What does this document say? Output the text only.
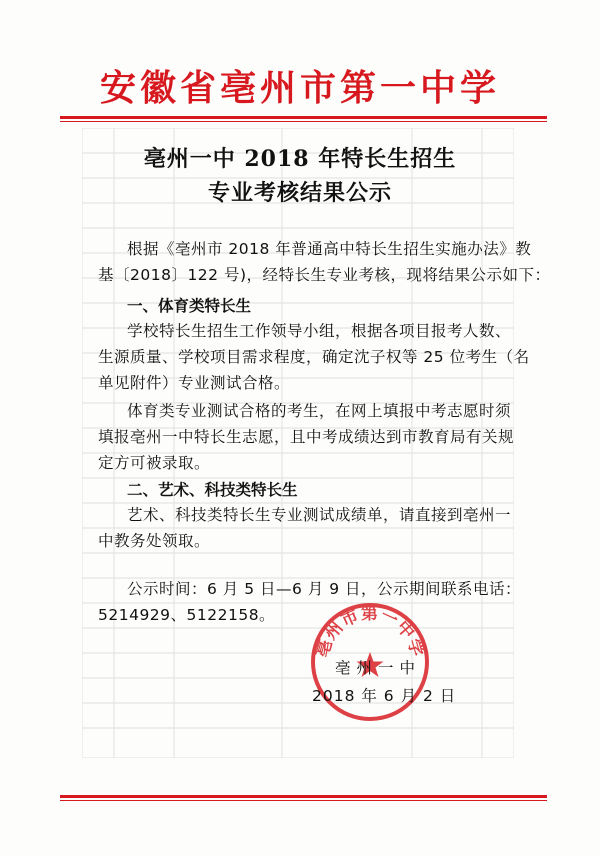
安徽省亳州市第一中学
亳州一中 2018 年特长生招生
专业考核结果公示
根据《亳州市 2018 年普通高中特长生招生实施办法》教
基〔2018〕122 号)，经特长生专业考核，现将结果公示如下：
一、体育类特长生
学校特长生招生工作领导小组，根据各项目报考人数、
生源质量、学校项目需求程度，确定沈子权等 25 位考生（名
单见附件）专业测试合格。
体育类专业测试合格的考生，在网上填报中考志愿时须
填报亳州一中特长生志愿，且中考成绩达到市教育局有关规
定方可被录取。
二、艺术、科技类特长生
艺术、科技类特长生专业测试成绩单，请直接到亳州一
中教务处领取。
公示时间：6 月 5 日—6 月 9 日，公示期间联系电话：
5214929、5122158。
亳州市第一中学
亳州一中
2018 年 6 月 2 日
